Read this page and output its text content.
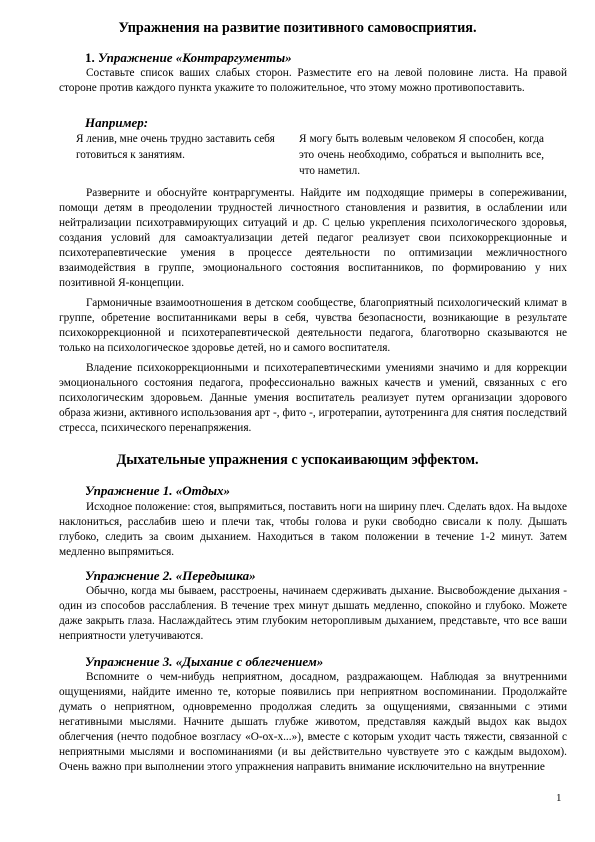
Упражнения на развитие позитивного самовосприятия.
1. Упражнение «Контраргументы»

Составьте список ваших слабых сторон. Разместите его на левой половине листа. На правой стороне против каждого пункта укажите то положительное, что этому можно противопоставить.

Например:

Я ленив, мне очень трудно заставить себя готовиться к занятиям.

Я могу быть волевым человеком Я способен, когда это очень необходимо, собраться и выполнить все, что наметил.

Разверните и обоснуйте контраргументы. Найдите им подходящие примеры в сопереживании, помощи детям в преодолении трудностей личностного становления и развития, в ослаблении или нейтрализации психотравмирующих ситуаций и др. С целью укрепления психологического здоровья, создания условий для самоактуализации детей педагог реализует свои психокоррекционные и психотерапевтические умения в процессе деятельности по оптимизации межличностного взаимодействия в группе, эмоционального состояния воспитанников, по формированию у них позитивной Я-концепции.

Гармоничные взаимоотношения в детском сообществе, благоприятный психологический климат в группе, обретение воспитанниками веры в себя, чувства безопасности, возникающие в результате психокоррекционной и психотерапевтической деятельности педагога, благотворно сказываются не только на психологическое здоровье детей, но и самого воспитателя.

Владение психокоррекционными и психотерапевтическими умениями значимо и для коррекции эмоционального состояния педагога, профессионально важных качеств и умений, связанных с его психологическим здоровьем. Данные умения воспитатель реализует путем организации здорового образа жизни, активного использования арт -, фито -, игротерапии, аутотренинга для снятия последствий стресса, психического перенапряжения.

Дыхательные упражнения с успокаивающим эффектом.
Упражнение 1. «Отдых»

Исходное положение: стоя, выпрямиться, поставить ноги на ширину плеч. Сделать вдох. На выдохе наклониться, расслабив шею и плечи так, чтобы голова и руки свободно свисали к полу. Дышать глубоко, следить за своим дыханием. Находиться в таком положении в течение 1-2 минут. Затем медленно выпрямиться.

Упражнение 2. «Передышка»

Обычно, когда мы бываем, расстроены, начинаем сдерживать дыхание. Высвобождение дыхания - один из способов расслабления. В течение трех минут дышать медленно, спокойно и глубоко. Можете даже закрыть глаза. Наслаждайтесь этим глубоким неторопливым дыханием, представьте, что все ваши неприятности улетучиваются.

Упражнение 3. «Дыхание с облегчением»

Вспомните о чем-нибудь неприятном, досадном, раздражающем. Наблюдая за внутренними ощущениями, найдите именно те, которые появились при неприятном воспоминании. Продолжайте думать о неприятном, одновременно продолжая следить за ощущениями, связанными с этими негативными мыслями. Начните дышать глубже животом, представляя каждый выдох как выдох облегчения (нечто подобное возгласу «О-ох-х...»), вместе с которым уходит часть тяжести, связанной с неприятными мыслями и воспоминаниями (и вы действительно чувствуете это с каждым выдохом). Очень важно при выполнении этого упражнения направить внимание исключительно на внутренние

1
